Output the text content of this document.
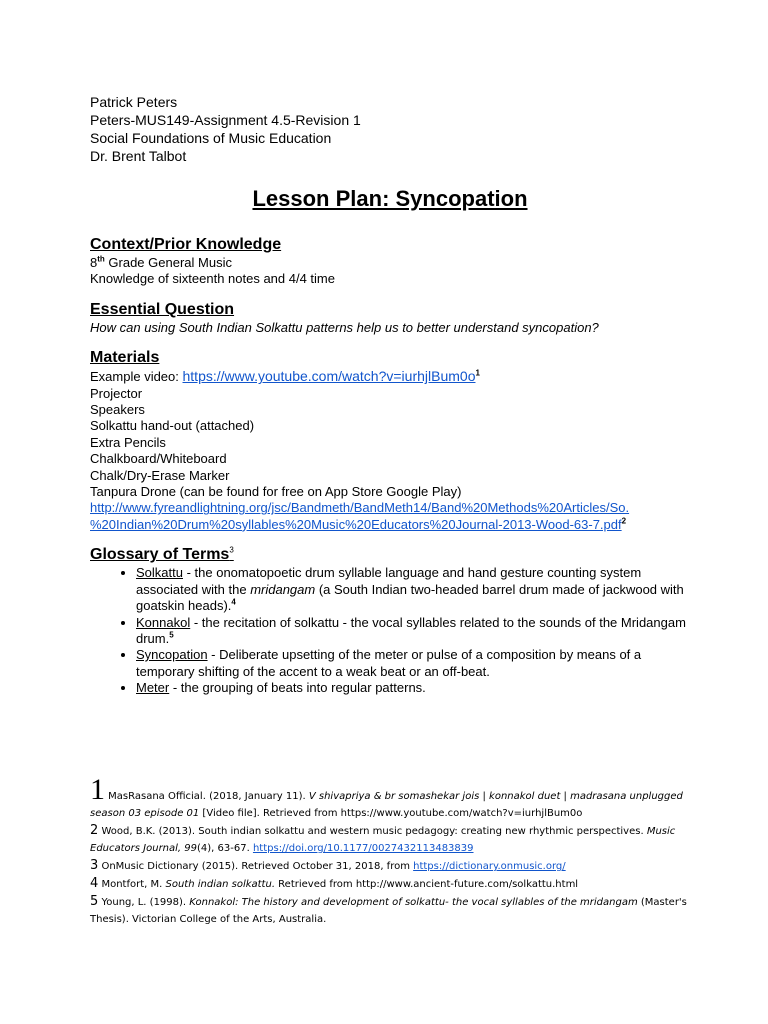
Patrick Peters
Peters-MUS149-Assignment 4.5-Revision 1
Social Foundations of Music Education
Dr. Brent Talbot
Lesson Plan: Syncopation
Context/Prior Knowledge
8th Grade General Music
Knowledge of sixteenth notes and 4/4 time
Essential Question
How can using South Indian Solkattu patterns help us to better understand syncopation?
Materials
Example video: $https://www.youtube.com/watch?v=iurhjlBum0o^1$
Projector
Speakers
Solkattu hand-out (attached)
Extra Pencils
Chalkboard/Whiteboard
Chalk/Dry-Erase Marker
Tanpura Drone (can be found for free on App Store Google Play)
http://www.fyreandlightning.org/jsc/Bandmeth/BandMeth14/Band%20Methods%20Articles/So.
%20Indian%20Drum%20syllables%20Music%20Educators%20Journal-2013-Wood-63-7.pdf$^2$
Glossary of Terms$^3$
• Solkattu - the onomatopoetic drum syllable language and hand gesture counting system associated with the mridangam (a South Indian two-headed barrel drum made of jackwood with goatskin heads).$^4$
• Konnakol - the recitation of solkattu - the vocal syllables related to the sounds of the Mridangam drum.$^5$
• Syncopation - Deliberate upsetting of the meter or pulse of a composition by means of a temporary shifting of the accent to a weak beat or an off-beat.
• Meter - the grouping of beats into regular patterns.
1 MasRasana Official. (2018, January 11). V shivapriya & br somashekar jois | konnakol duet | madrasana unplugged season 03 episode 01 [Video file]. Retrieved from https://www.youtube.com/watch?v=iurhjlBum0o
2 Wood, B.K. (2013). South indian solkattu and western music pedagogy: creating new rhythmic perspectives. Music Educators Journal, 99(4), 63-67. https://doi.org/10.1177/0027432113483839
3 OnMusic Dictionary (2015). Retrieved October 31, 2018, from https://dictionary.onmusic.org/
4 Montfort, M. South indian solkattu. Retrieved from http://www.ancient-future.com/solkattu.html
5 Young, L. (1998). Konnakol: The history and development of solkattu- the vocal syllables of the mridangam (Master's Thesis). Victorian College of the Arts, Australia.
